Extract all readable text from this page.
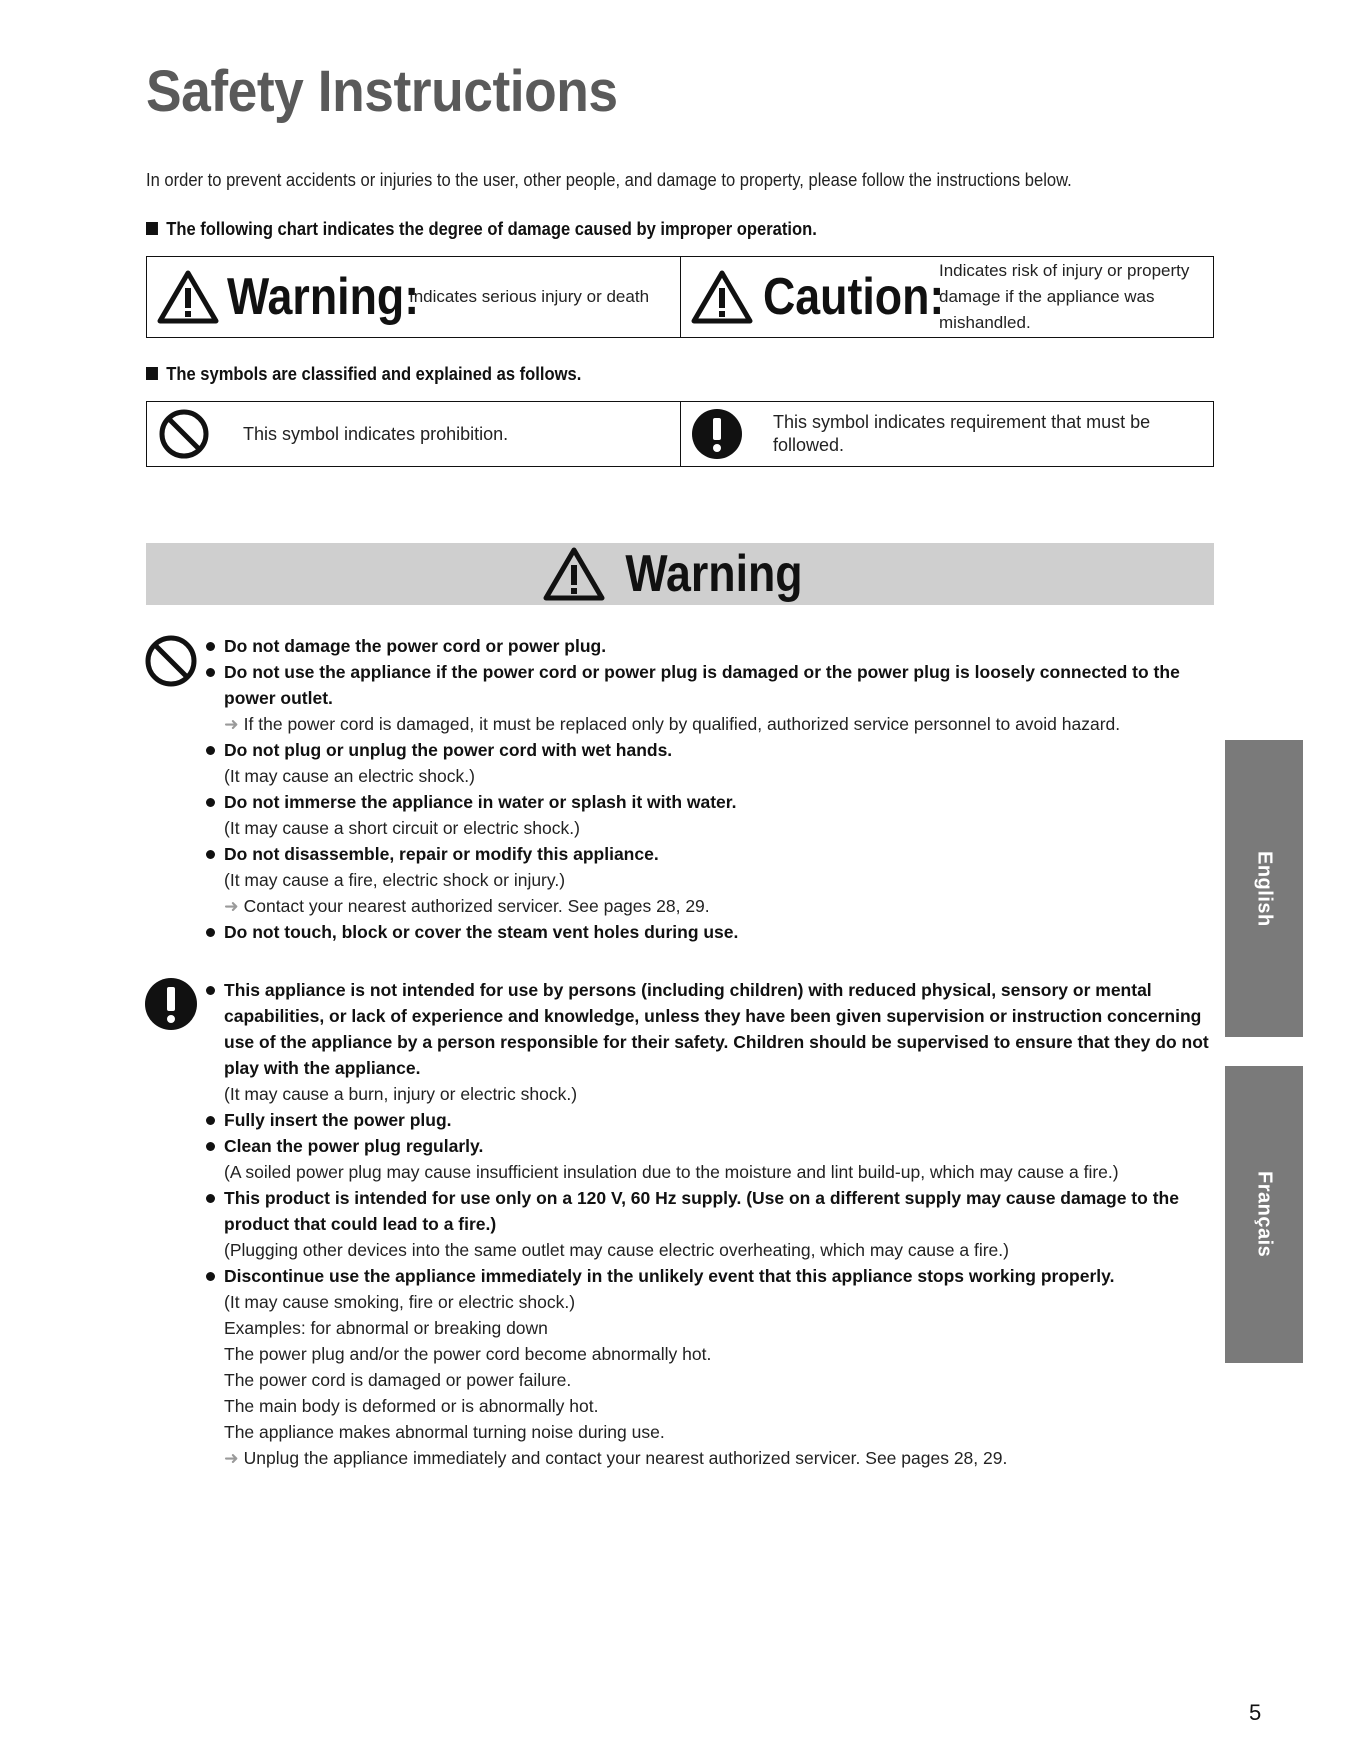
Safety Instructions
In order to prevent accidents or injuries to the user, other people, and damage to property, please follow the instructions below.
The following chart indicates the degree of damage caused by improper operation.
Warning:
Indicates serious injury or death Caution:
Indicates risk of injury or property damage if the appliance was mishandled.
The symbols are classified and explained as follows.
This symbol indicates prohibition.
This symbol indicates requirement that must be followed.
Warning
Do not damage the power cord or power plug.
Do not use the appliance if the power cord or power plug is damaged or the power plug is loosely connected to the power outlet.
➜ If the power cord is damaged, it must be replaced only by qualified, authorized service personnel to avoid hazard.
Do not plug or unplug the power cord with wet hands.
(It may cause an electric shock.)
Do not immerse the appliance in water or splash it with water.
(It may cause a short circuit or electric shock.)
Do not disassemble, repair or modify this appliance.
(It may cause a fire, electric shock or injury.)
➜ Contact your nearest authorized servicer. See pages 28, 29.
Do not touch, block or cover the steam vent holes during use.
This appliance is not intended for use by persons (including children) with reduced physical, sensory or mental capabilities, or lack of experience and knowledge, unless they have been given supervision or instruction concerning use of the appliance by a person responsible for their safety. Children should be supervised to ensure that they do not play with the appliance.
(It may cause a burn, injury or electric shock.)
Fully insert the power plug.
Clean the power plug regularly.
(A soiled power plug may cause insufficient insulation due to the moisture and lint build-up, which may cause a fire.)
This product is intended for use only on a 120 V, 60 Hz supply. (Use on a different supply may cause damage to the product that could lead to a fire.)
(Plugging other devices into the same outlet may cause electric overheating, which may cause a fire.)
Discontinue use the appliance immediately in the unlikely event that this appliance stops working properly.
(It may cause smoking, fire or electric shock.)
Examples: for abnormal or breaking down
The power plug and/or the power cord become abnormally hot.
The power cord is damaged or power failure.
The main body is deformed or is abnormally hot.
The appliance makes abnormal turning noise during use.
➜ Unplug the appliance immediately and contact your nearest authorized servicer. See pages 28, 29.
English
Français
5
